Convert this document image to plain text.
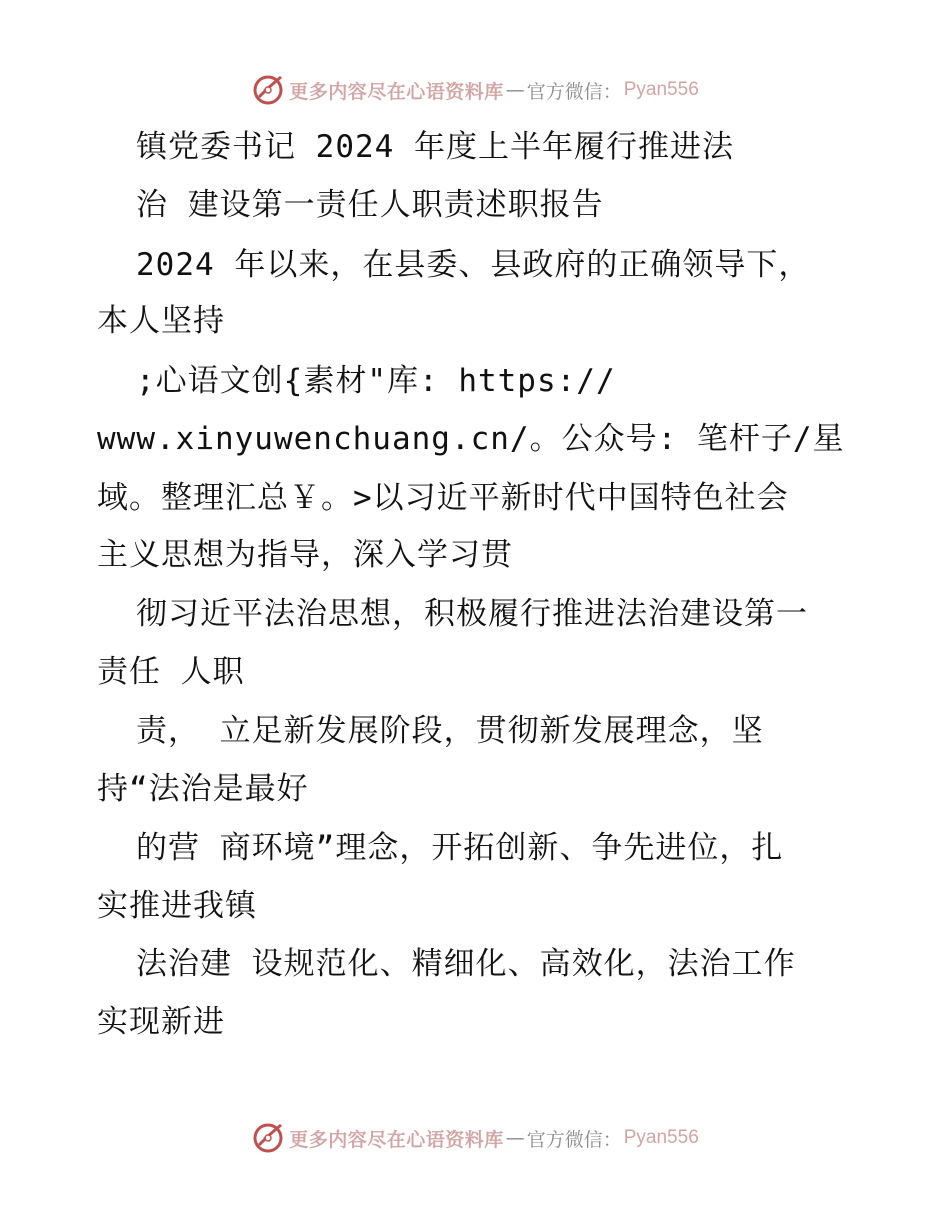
更多内容尽在心语资料库 — 官方微信： Pyan556

镇党委书记 2024 年度上半年履行推进法

治 建设第一责任人职责述职报告

2024 年以来，在县委、县政府的正确领导下，

本人坚持

;心语文创{素材"库: https://

www.xinyuwenchuang.cn/。公众号: 笔杆子/星

域。整理汇总￥。>以习近平新时代中国特色社会

主义思想为指导，深入学习贯

彻习近平法治思想，积极履行推进法治建设第一

责任 人职

责， 立足新发展阶段，贯彻新发展理念，坚

持“法治是最好

的营 商环境”理念，开拓创新、争先进位，扎

实推进我镇

法治建 设规范化、精细化、高效化，法治工作

实现新进

更多内容尽在心语资料库 — 官方微信： Pyan556
